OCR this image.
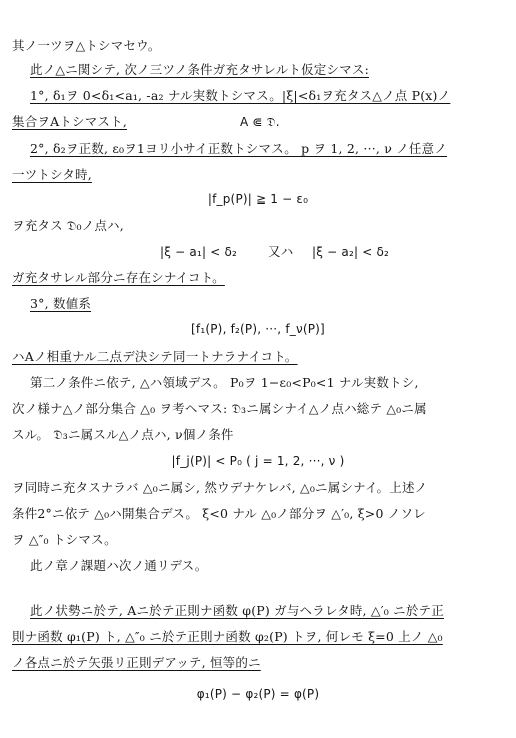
其ノ一ツヲ△トシマセウ。
此ノ△ニ関シテ, 次ノ三ツノ条件ガ充タサレルト仮定シマス:
1°, δ₁ヲ 0<δ₁<a₁, -a₂ ナル実数トシマス。|ξ|<δ₁ヲ充タス△ノ点 P(x)ノ
集合ヲAトシマスト,	A ⋐ 𝔇.
2°, δ₂ヲ正数, ε₀ヲ1ヨリ小サイ正数トシマス。 p ヲ 1, 2, ···, ν ノ任意ノ
一ツトシタ時,
|f_p(P)| ≧ 1 − ε₀
ヲ充タス 𝔇₀ノ点ハ,
|ξ − a₁| < δ₂ 又ハ |ξ − a₂| < δ₂
ガ充タサレル部分ニ存在シナイコト。
3°, 数値系
[f₁(P), f₂(P), ···, f_ν(P)]
ハAノ相重ナル二点デ決シテ同一トナラナイコト。
第二ノ条件ニ依テ, △ハ領域デス。 P₀ヲ 1−ε₀<P₀<1 ナル実数トシ,
次ノ様ナ△ノ部分集合 △₀ ヲ考ヘマス: 𝔇₃ニ属シナイ△ノ点ハ総テ △₀ニ属
スル。 𝔇₃ニ属スル△ノ点ハ, ν個ノ条件
|f_j(P)| < P₀ ( j = 1, 2, ···, ν )
ヲ同時ニ充タスナラバ △₀ニ属シ, 然ウデナケレバ, △₀ニ属シナイ。上述ノ
条件2°ニ依テ △₀ハ開集合デス。 ξ<0 ナル △₀ノ部分ヲ △′₀, ξ>0 ノソレ
ヲ △″₀ トシマス。
此ノ章ノ課題ハ次ノ通リデス。
此ノ状勢ニ於テ, Aニ於テ正則ナ函数 φ(P) ガ与ヘラレタ時, △′₀ ニ於テ正
則ナ函数 φ₁(P) ト, △″₀ ニ於テ正則ナ函数 φ₂(P) トヲ, 何レモ ξ=0 上ノ △₀
ノ各点ニ於テ矢張リ正則デアッテ, 恒等的ニ
φ₁(P) − φ₂(P) = φ(P)
